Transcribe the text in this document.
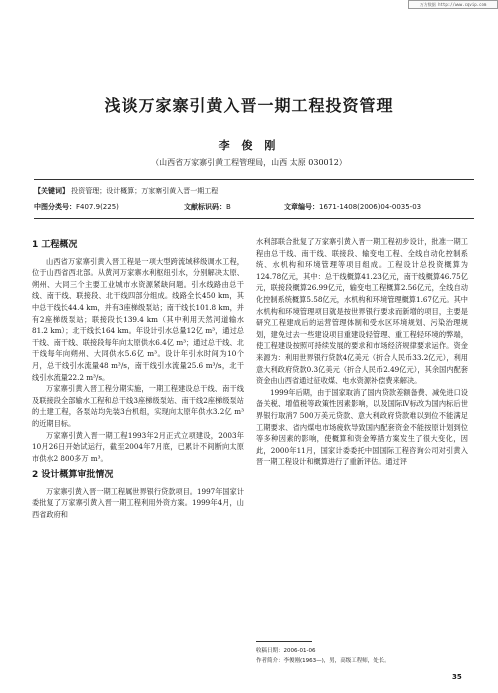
万方数据 http://www.cqvip.com
浅谈万家寨引黄入晋一期工程投资管理
李 俊 刚
（山西省万家寨引黄工程管理局，山西 太原 030012）
【关键词】 投资管理；设计概算；万家寨引黄入晋一期工程
中图分类号：F407.9(225)	文献标识码：B	文章编号：1671-1408(2006)04-0035-03
1 工程概况

山西省万家寨引黄入晋工程是一项大型跨流域移级调水工程，位于山西省西北部。从黄河万家寨水利枢纽引水，分别解决太原、朔州、大同三个主要工业城市水资源紧缺问题。引水线路由总干线、南干线、联接段、北干线四部分组成。线路全长450 km，其中总干线长44.4 km，并有3座梯级泵站；南干线长101.8 km，并有2座梯级泵站；联接段长139.4 km（其中利用天然河道输水81.2 km）；北干线长164 km。年设计引水总量12亿 m³，通过总干线、南干线、联接段每年向太原供水6.4亿 m³；通过总干线、北干线每年向朔州、大同供水5.6亿 m³。设计年引水时间为10个月，总干线引水流量48 m³/s，南干线引水流量25.6 m³/s，北干线引水流量22.2 m³/s。

万家寨引黄入晋工程分期实施，一期工程建设总干线、南干线及联接段全部输水工程和总干线3座梯级泵站、南干线2座梯级泵站的土建工程，各泵站均先装3台机组，实现向太原年供水3.2亿 m³的近期目标。

万家寨引黄入晋一期工程1993年2月正式立项建设，2003年10月26日开始试运行，截至2004年7月底，已累计不间断向太原市供水2 800多万 m³。

2 设计概算审批情况

万家寨引黄入晋一期工程属世界银行贷款项目。1997年国家计委批复了万家寨引黄入晋一期工程利用外资方案。1999年4月，山西省政府和

水利部联合批复了万家寨引黄入晋一期工程初步设计，批准一期工程由总干线、南干线、联接段、输变电工程、全线自动化控制系统、水机构和环境管理等项目组成。工程设计总投资概算为124.78亿元，其中：总干线概算41.23亿元，南干线概算46.75亿元，联接段概算26.99亿元，输变电工程概算2.56亿元，全线自动化控制系统概算5.58亿元，水机构和环境管理概算1.67亿元。其中水机构和环境管理项目就是按世界银行要求而新增的项目，主要是研究工程建成后的运营管理体制和受水区环境规划、污染治理规划，建免过去一些建设项目重建设轻管理、重工程轻环境的弊端，使工程建设按照可持续发展的要求和市场经济规律要求运作。资金来源为：利用世界银行贷款4亿美元（折合人民币33.2亿元），利用意大利政府贷款0.3亿美元（折合人民币2.49亿元），其余国内配套资金由山西省通过征收煤、电水资源补偿费来解决。

1999年后期，由于国家取消了国内贷款差额备费、减免进口设备关税、增值税等政策性因素影响，以及国际Ⅳ标改为国内标后世界银行取消7 500万美元贷款、意大利政府贷款难以到位不能满足工期要求、省内煤电市场疲软导致国内配套资金不能按原计划到位等多种因素的影响，使概算和资金筹措方案发生了很大变化，因此，2000年11月，国家计委委托中国国际工程咨询公司对引黄入晋一期工程设计和概算进行了重新评估。通过评

收稿日期：2006-01-06
作者简介：李俊刚(1963—)，男，高级工程师，处长。
35
